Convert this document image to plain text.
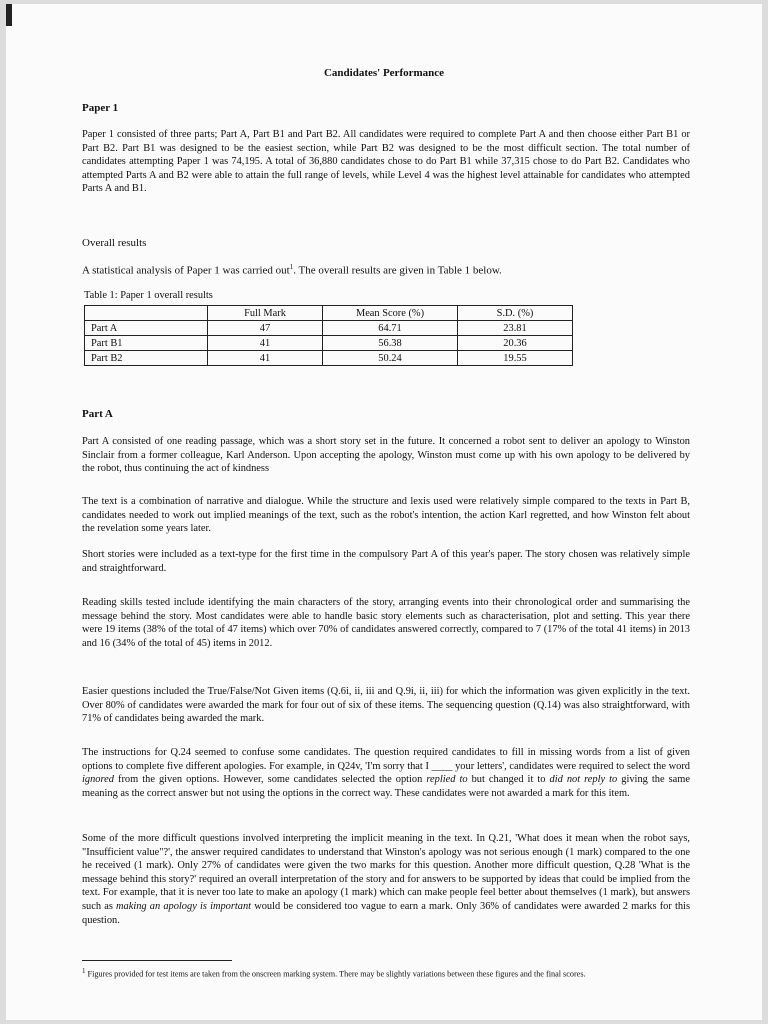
Candidates' Performance
Paper 1
Paper 1 consisted of three parts; Part A, Part B1 and Part B2. All candidates were required to complete Part A and then choose either Part B1 or Part B2. Part B1 was designed to be the easiest section, while Part B2 was designed to be the most difficult section. The total number of candidates attempting Paper 1 was 74,195. A total of 36,880 candidates chose to do Part B1 while 37,315 chose to do Part B2. Candidates who attempted Parts A and B2 were able to attain the full range of levels, while Level 4 was the highest level attainable for candidates who attempted Parts A and B1.
Overall results
A statistical analysis of Paper 1 was carried out$^1$. The overall results are given in Table 1 below.
Table 1: Paper 1 overall results
	Full Mark	Mean Score (%)	S.D. (%)
Part A	47	64.71	23.81
Part B1	41	56.38	20.36
Part B2	41	50.24	19.55
Part A
Part A consisted of one reading passage, which was a short story set in the future. It concerned a robot sent to deliver an apology to Winston Sinclair from a former colleague, Karl Anderson. Upon accepting the apology, Winston must come up with his own apology to be delivered by the robot, thus continuing the act of kindness
The text is a combination of narrative and dialogue. While the structure and lexis used were relatively simple compared to the texts in Part B, candidates needed to work out implied meanings of the text, such as the robot's intention, the action Karl regretted, and how Winston felt about the revelation some years later.
Short stories were included as a text-type for the first time in the compulsory Part A of this year's paper. The story chosen was relatively simple and straightforward.
Reading skills tested include identifying the main characters of the story, arranging events into their chronological order and summarising the message behind the story. Most candidates were able to handle basic story elements such as characterisation, plot and setting. This year there were 19 items (38% of the total of 47 items) which over 70% of candidates answered correctly, compared to 7 (17% of the total 41 items) in 2013 and 16 (34% of the total of 45) items in 2012.
Easier questions included the True/False/Not Given items (Q.6i, ii, iii and Q.9i, ii, iii) for which the information was given explicitly in the text. Over 80% of candidates were awarded the mark for four out of six of these items. The sequencing question (Q.14) was also straightforward, with 71% of candidates being awarded the mark.
The instructions for Q.24 seemed to confuse some candidates. The question required candidates to fill in missing words from a list of given options to complete five different apologies. For example, in Q24v, 'I'm sorry that I ____ your letters', candidates were required to select the word ignored from the given options. However, some candidates selected the option replied to but changed it to did not reply to giving the same meaning as the correct answer but not using the options in the correct way. These candidates were not awarded a mark for this item.
Some of the more difficult questions involved interpreting the implicit meaning in the text. In Q.21, 'What does it mean when the robot says, "Insufficient value"?', the answer required candidates to understand that Winston's apology was not serious enough (1 mark) compared to the one he received (1 mark). Only 27% of candidates were given the two marks for this question. Another more difficult question, Q.28 'What is the message behind this story?' required an overall interpretation of the story and for answers to be supported by ideas that could be implied from the text. For example, that it is never too late to make an apology (1 mark) which can make people feel better about themselves (1 mark), but answers such as making an apology is important would be considered too vague to earn a mark. Only 36% of candidates were awarded 2 marks for this question.
$^1$ Figures provided for test items are taken from the onscreen marking system. There may be slightly variations between these figures and the final scores.
